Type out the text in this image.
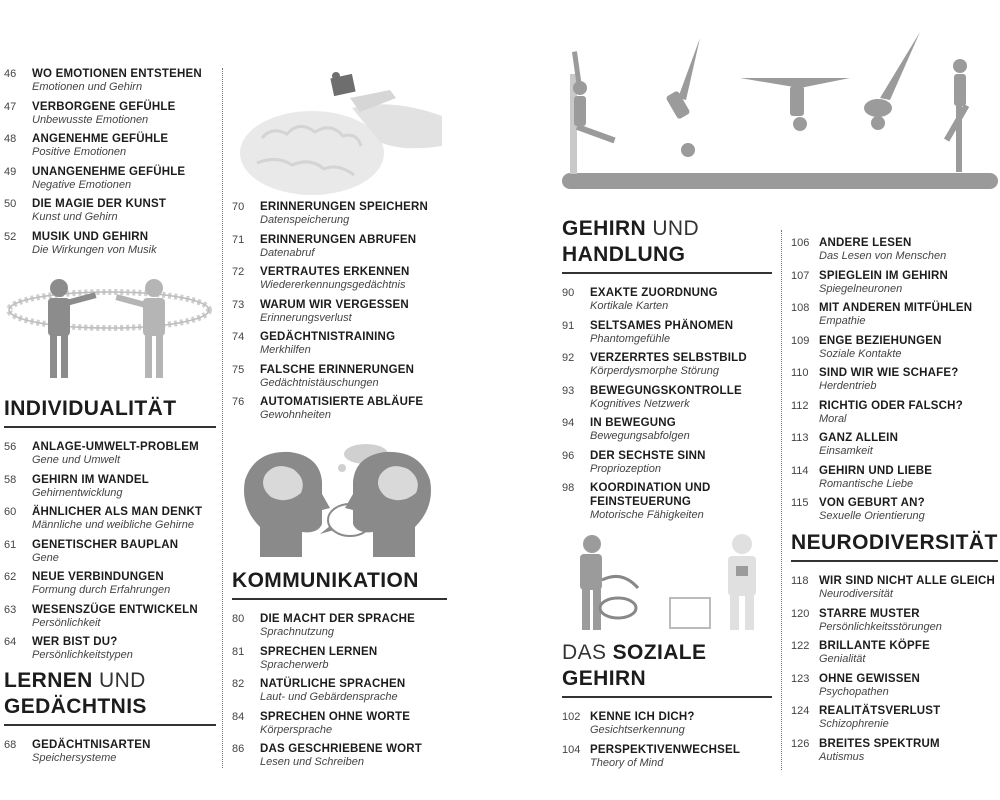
46	WO EMOTIONEN ENTSTEHEN
Emotionen und Gehirn
47	VERBORGENE GEFÜHLE
Unbewusste Emotionen
48	ANGENEHME GEFÜHLE
Positive Emotionen
49	UNANGENEHME GEFÜHLE
Negative Emotionen
50	DIE MAGIE DER KUNST
Kunst und Gehirn
52	MUSIK UND GEHIRN
Die Wirkungen von Musik
INDIVIDUALITÄT
56	ANLAGE-UMWELT-PROBLEM
Gene und Umwelt
58	GEHIRN IM WANDEL
Gehirnentwicklung
60	ÄHNLICHER ALS MAN DENKT
Männliche und weibliche Gehirne
61	GENETISCHER BAUPLAN
Gene
62	NEUE VERBINDUNGEN
Formung durch Erfahrungen
63	WESENSZÜGE ENTWICKELN
Persönlichkeit
64	WER BIST DU?
Persönlichkeitstypen
LERNEN UND
GEDÄCHTNIS
68	GEDÄCHTNISARTEN
Speichersysteme
70	ERINNERUNGEN SPEICHERN
Datenspeicherung
71	ERINNERUNGEN ABRUFEN
Datenabruf
72	VERTRAUTES ERKENNEN
Wiedererkennungsgedächtnis
73	WARUM WIR VERGESSEN
Erinnerungsverlust
74	GEDÄCHTNISTRAINING
Merkhilfen
75	FALSCHE ERINNERUNGEN
Gedächtnistäuschungen
76	AUTOMATISIERTE ABLÄUFE
Gewohnheiten
KOMMUNIKATION
80	DIE MACHT DER SPRACHE
Sprachnutzung
81	SPRECHEN LERNEN
Spracherwerb
82	NATÜRLICHE SPRACHEN
Laut- und Gebärdensprache
84	SPRECHEN OHNE WORTE
Körpersprache
86	DAS GESCHRIEBENE WORT
Lesen und Schreiben
GEHIRN UND
HANDLUNG
90	EXAKTE ZUORDNUNG
Kortikale Karten
91	SELTSAMES PHÄNOMEN
Phantomgefühle
92	VERZERRTES SELBSTBILD
Körperdysmorphe Störung
93	BEWEGUNGSKONTROLLE
Kognitives Netzwerk
94	IN BEWEGUNG
Bewegungsabfolgen
96	DER SECHSTE SINN
Propriozeption
98	KOORDINATION UND
FEINSTEUERUNG
Motorische Fähigkeiten
DAS SOZIALE
GEHIRN
102 KENNE ICH DICH?
Gesichtserkennung
104 PERSPEKTIVENWECHSEL
Theory of Mind
106 ANDERE LESEN
Das Lesen von Menschen
107 SPIEGLEIN IM GEHIRN
Spiegelneuronen
108 MIT ANDEREN MITFÜHLEN
Empathie
109 ENGE BEZIEHUNGEN
Soziale Kontakte
110 SIND WIR WIE SCHAFE?
Herdentrieb
112 RICHTIG ODER FALSCH?
Moral
113 GANZ ALLEIN
Einsamkeit
114 GEHIRN UND LIEBE
Romantische Liebe
115 VON GEBURT AN?
Sexuelle Orientierung
NEURODIVERSITÄT
118 WIR SIND NICHT ALLE GLEICH
Neurodiversität
120 STARRE MUSTER
Persönlichkeitsstörungen
122 BRILLANTE KÖPFE
Genialität
123 OHNE GEWISSEN
Psychopathen
124 REALITÄTSVERLUST
Schizophrenie
126 BREITES SPEKTRUM
Autismus
